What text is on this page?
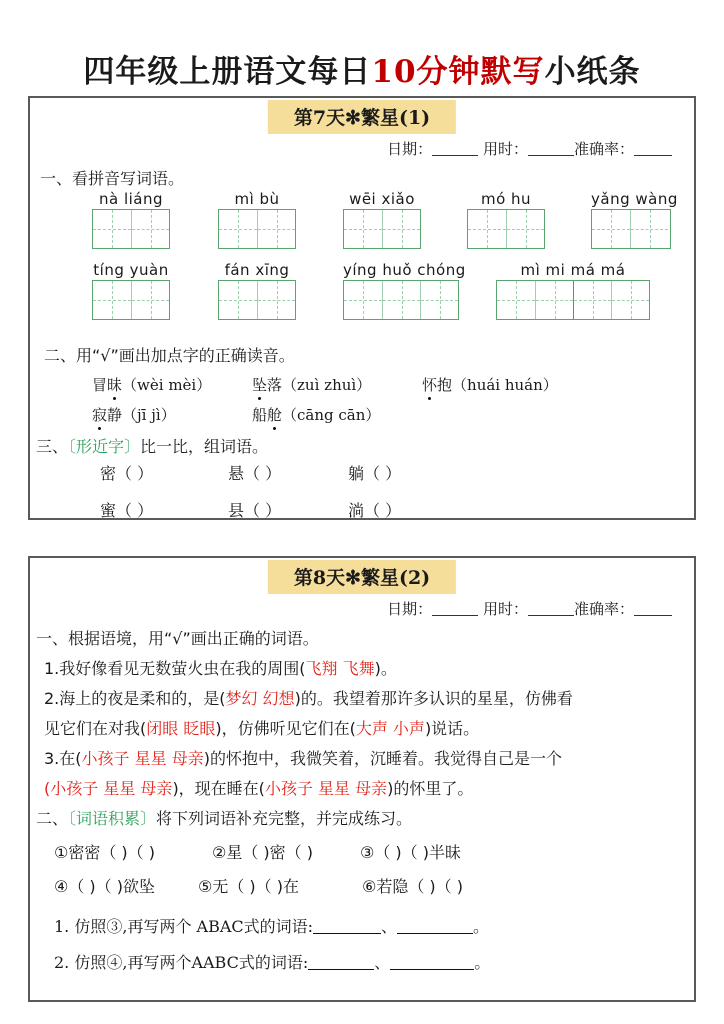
四年级上册语文每日10分钟默写小纸条
第7天✻繁星(1)
日期：	用时：	准确率：
一、看拼音写词语。
nà liáng	mì bù	wēi xiǎo	mó hu	yǎng wàng
tíng yuàn	fán xīng	yíng huǒ chóng	mì mi má má
二、用“√”画出加点字的正确读音。
冒昧（wèi mèi）	坠落（zuì zhuì）	怀抱（huái huán）
寂静（jī jì）	船舱（cāng cān）
三、〔形近字〕比一比，组词语。
密（ ）	悬（ ）	躺（ ）
蜜（ ）	县（ ）	淌（ ）
第8天✻繁星(2)
日期：	用时：	准确率：
一、根据语境，用“√”画出正确的词语。
1.我好像看见无数萤火虫在我的周围(飞翔 飞舞)。
2.海上的夜是柔和的，是(梦幻 幻想)的。我望着那许多认识的星星，仿佛看
见它们在对我(闭眼 眨眼)，仿佛听见它们在(大声 小声)说话。
3.在(小孩子 星星 母亲)的怀抱中，我微笑着，沉睡着。我觉得自己是一个
(小孩子 星星 母亲)，现在睡在(小孩子 星星 母亲)的怀里了。
二、〔词语积累〕将下列词语补充完整，并完成练习。
①密密（ )（ )	②星（ )密（ )	③（ )（ )半昧
④（ )（ )欲坠	⑤无（ )（ )在	⑥若隐（ )（ )
1. 仿照③,再写两个 ABAC式的词语:	、	。
2. 仿照④,再写两个AABC式的词语:	、	。
